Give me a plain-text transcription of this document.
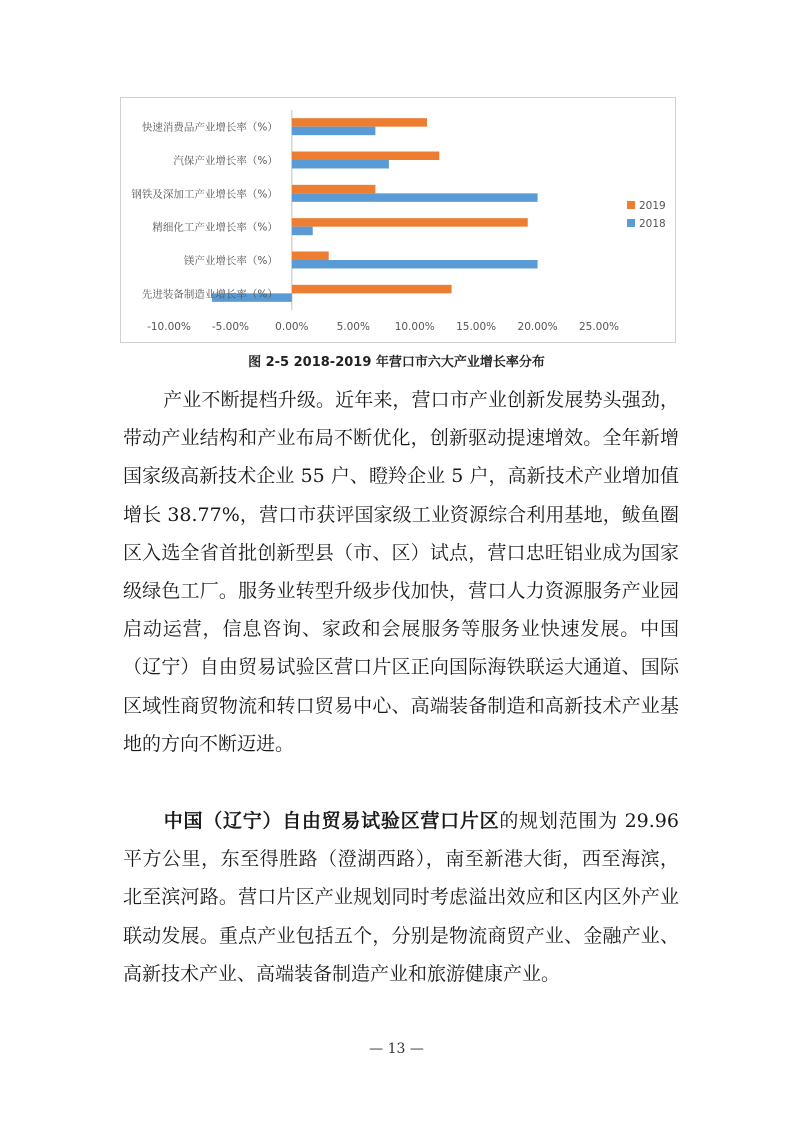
快速消费品产业增长率（%）
汽保产业增长率（%）
钢铁及深加工产业增长率（%）
精细化工产业增长率（%）
镁产业增长率（%）
先进装备制造业增长率（%）
-10.00% -5.00% 0.00%	5.00% 10.00% 15.00% 20.00% 25.00%
2019
2018
图 2-5 2018-2019 年营口市六大产业增长率分布

产业不断提档升级。近年来，营口市产业创新发展势头强劲，带动产业结构和产业布局不断优化，创新驱动提速增效。全年新增国家级高新技术企业 55 户、瞪羚企业 5 户，高新技术产业增加值增长 38.77%，营口市获评国家级工业资源综合利用基地，鲅鱼圈区入选全省首批创新型县（市、区）试点，营口忠旺铝业成为国家级绿色工厂。服务业转型升级步伐加快，营口人力资源服务产业园启动运营，信息咨询、家政和会展服务等服务业快速发展。中国（辽宁）自由贸易试验区营口片区正向国际海铁联运大通道、国际区域性商贸物流和转口贸易中心、高端装备制造和高新技术产业基地的方向不断迈进。

中国（辽宁）自由贸易试验区营口片区的规划范围为 29.96 平方公里，东至得胜路（澄湖西路），南至新港大街，西至海滨，北至滨河路。营口片区产业规划同时考虑溢出效应和区内区外产业联动发展。重点产业包括五个，分别是物流商贸产业、金融产业、高新技术产业、高端装备制造产业和旅游健康产业。

— 13 —
